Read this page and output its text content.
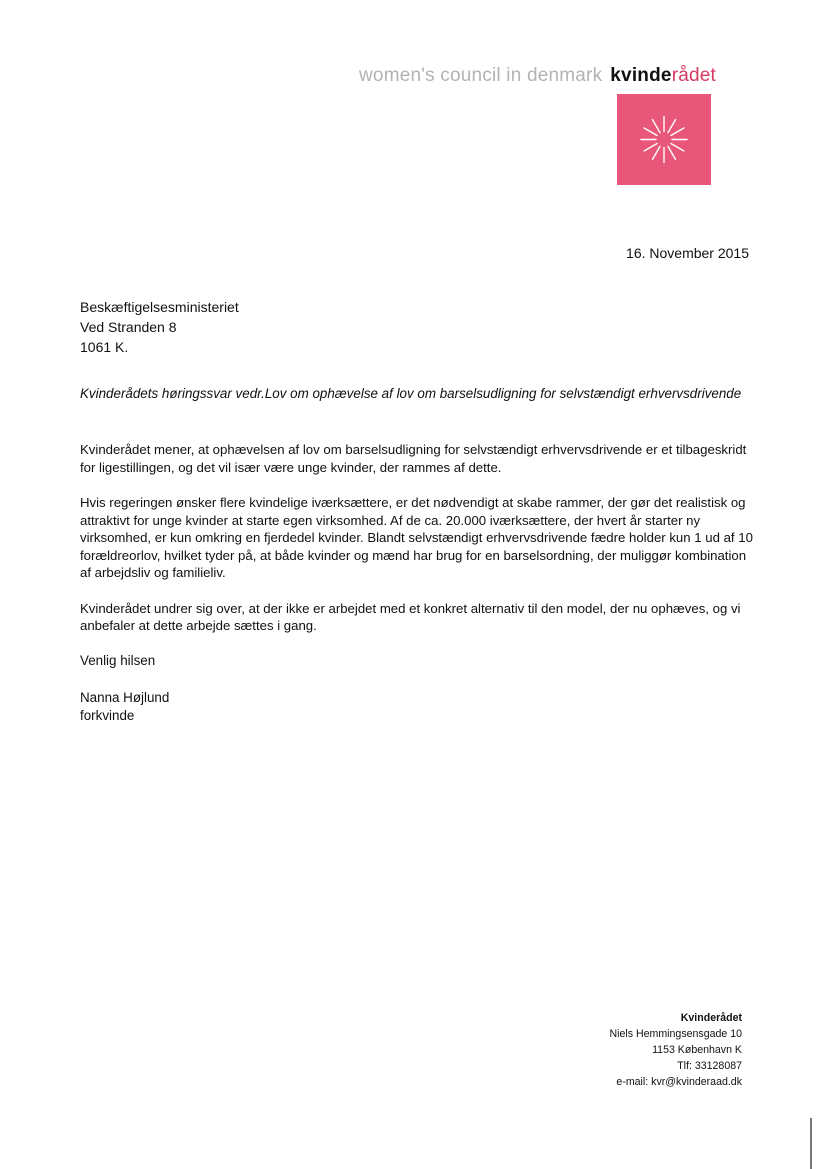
women's council in denmark kvinderådet
16. November 2015
Beskæftigelsesministeriet
Ved Stranden 8
1061 K.
Kvinderådets høringssvar vedr.Lov om ophævelse af lov om barselsudligning for selvstændigt erhvervsdrivende

Kvinderådet mener, at ophævelsen af lov om barselsudligning for selvstændigt erhvervsdrivende er et tilbageskridt for ligestillingen, og det vil især være unge kvinder, der rammes af dette.

Hvis regeringen ønsker flere kvindelige iværksættere, er det nødvendigt at skabe rammer, der gør det realistisk og attraktivt for unge kvinder at starte egen virksomhed. Af de ca. 20.000 iværksættere, der hvert år starter ny virksomhed, er kun omkring en fjerdedel kvinder. Blandt selvstændigt erhvervsdrivende fædre holder kun 1 ud af 10 forældreorlov, hvilket tyder på, at både kvinder og mænd har brug for en barselsordning, der muliggør kombination af arbejdsliv og familieliv.

Kvinderådet undrer sig over, at der ikke er arbejdet med et konkret alternativ til den model, der nu ophæves, og vi anbefaler at dette arbejde sættes i gang.

Venlig hilsen
Nanna Højlund
forkvinde
Kvinderådet
Niels Hemmingsensgade 10
1153 København K
Tlf: 33128087
e-mail: kvr@kvinderaad.dk
